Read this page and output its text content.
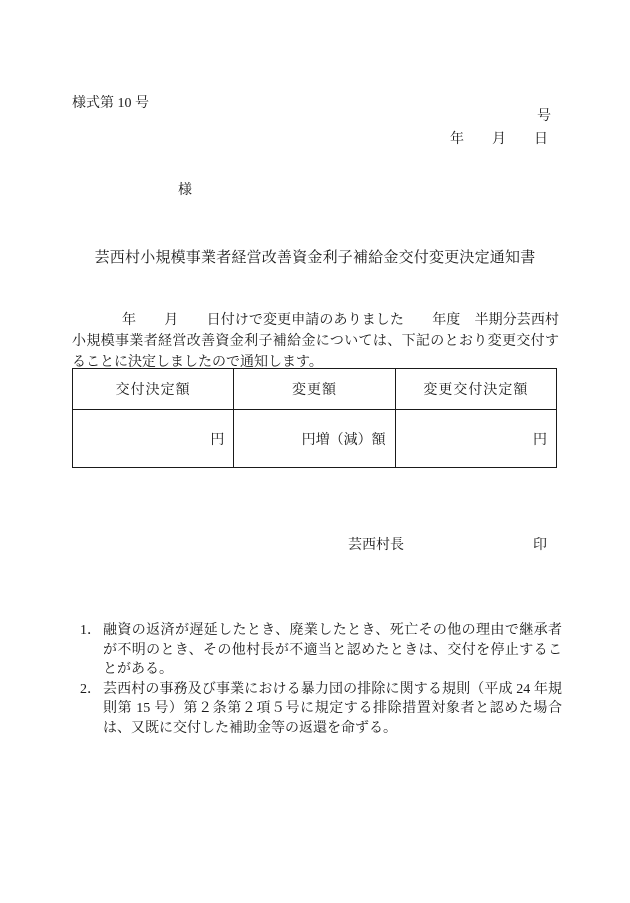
様式第 10 号
号
年　　月　　日
様
芸西村小規模事業者経営改善資金利子補給金交付変更決定通知書

年　　月　　日付けで変更申請のありました　　年度　半期分芸西村小規模事業者経営改善資金利子補給金については、下記のとおり変更交付することに決定しましたので通知します。

交付決定額	変更額	変更交付決定額
円	円増（減）額	円
芸西村長	印
1． 融資の返済が遅延したとき、廃業したとき、死亡その他の理由で継承者が不明のとき、その他村長が不適当と認めたときは、交付を停止することがある。
2． 芸西村の事務及び事業における暴力団の排除に関する規則（平成 24 年規則第 15 号）第２条第２項５号に規定する排除措置対象者と認めた場合は、又既に交付した補助金等の返還を命ずる。
